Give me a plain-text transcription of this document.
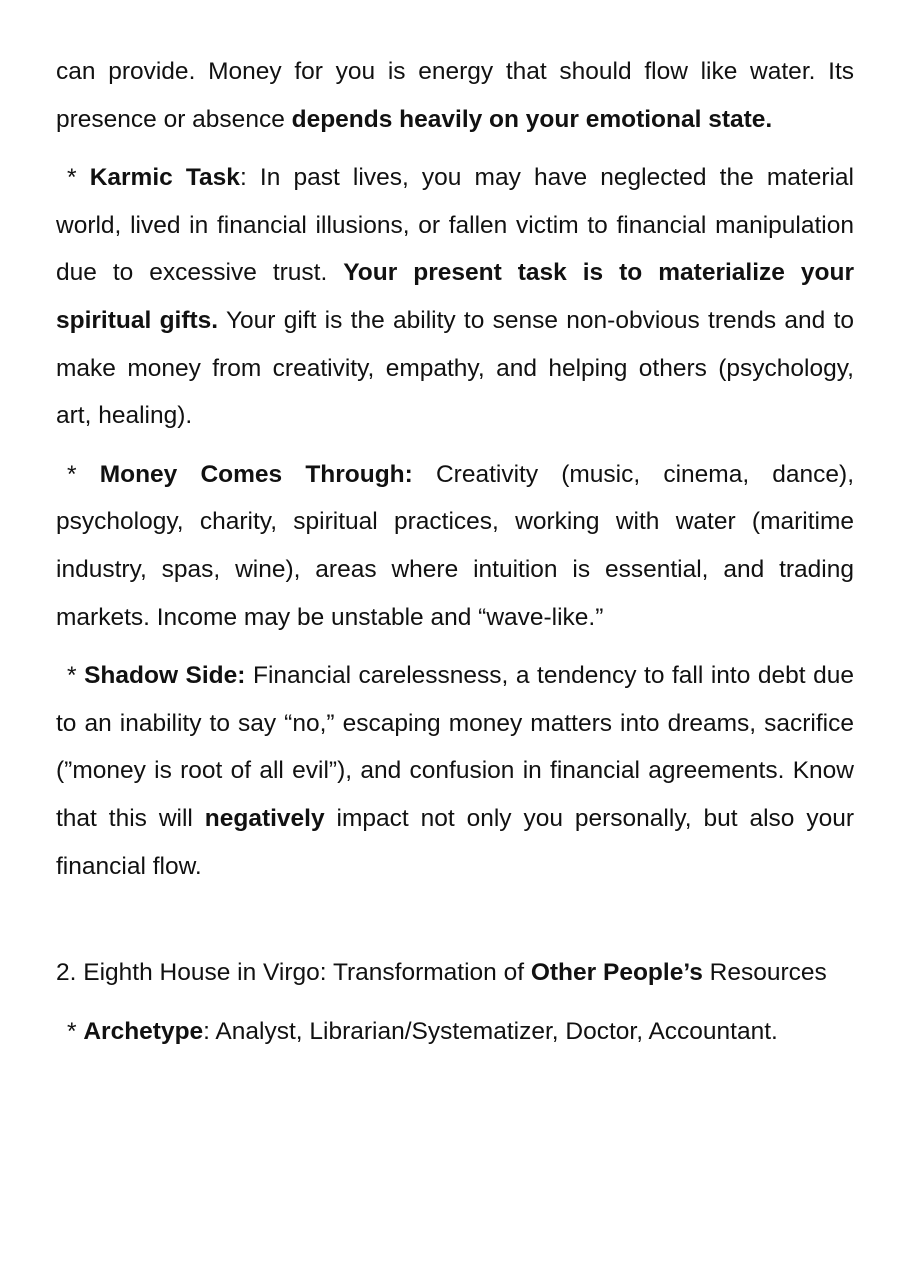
can provide. Money for you is energy that should flow like water. Its presence or absence depends heavily on your emotional state.

* Karmic Task: In past lives, you may have neglected the material world, lived in financial illusions, or fallen victim to financial manipulation due to excessive trust. Your present task is to materialize your spiritual gifts. Your gift is the ability to sense non-obvious trends and to make money from creativity, empathy, and helping others (psychology, art, healing).

* Money Comes Through: Creativity (music, cinema, dance), psychology, charity, spiritual practices, working with water (maritime industry, spas, wine), areas where intuition is essential, and trading markets. Income may be unstable and “wave-like.”

* Shadow Side: Financial carelessness, a tendency to fall into debt due to an inability to say “no,” escaping money matters into dreams, sacrifice (”money is root of all evil”), and confusion in financial agreements. Know that this will negatively impact not only you personally, but also your financial flow.

2. Eighth House in Virgo: Transformation of Other People’s Resources

* Archetype: Analyst, Librarian/Systematizer, Doctor, Accountant.
